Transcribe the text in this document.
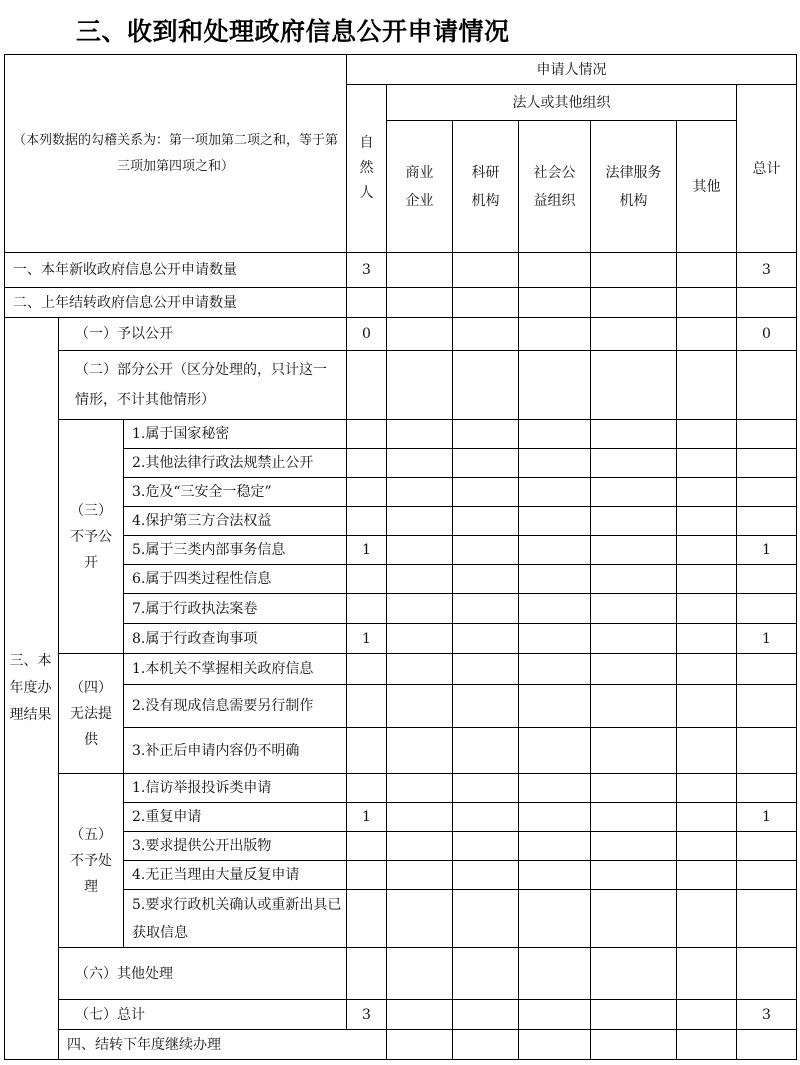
三、收到和处理政府信息公开申请情况
（本列数据的勾稽关系为：第一项加第二项之和，等于第三项加第四项之和）			申请人情况							
			自然人	法人或其他组织					总计	
				商业企业	科研机构	社会公益组织	法律服务机构	其他		
一、本年新收政府信息公开申请数量			3						3	
二、上年结转政府信息公开申请数量										
三、本年度办理结果	（一）予以公开		0						0	
	（二）部分公开（区分处理的，只计这一情形，不计其他情形）									
	（三）不予公开	1.属于国家秘密								
		2.其他法律行政法规禁止公开								
		3.危及“三安全一稳定”								
		4.保护第三方合法权益								
		5.属于三类内部事务信息	1						1	
		6.属于四类过程性信息								
		7.属于行政执法案卷								
		8.属于行政查询事项	1						1	
	（四）无法提供	1.本机关不掌握相关政府信息								
		2.没有现成信息需要另行制作								
		3.补正后申请内容仍不明确								
	（五）不予处理	1.信访举报投诉类申请								
		2.重复申请	1						1	
		3.要求提供公开出版物								
		4.无正当理由大量反复申请								
		5.要求行政机关确认或重新出具已获取信息								
	（六）其他处理									
	（七）总计		3						3	
	四、结转下年度继续办理									
